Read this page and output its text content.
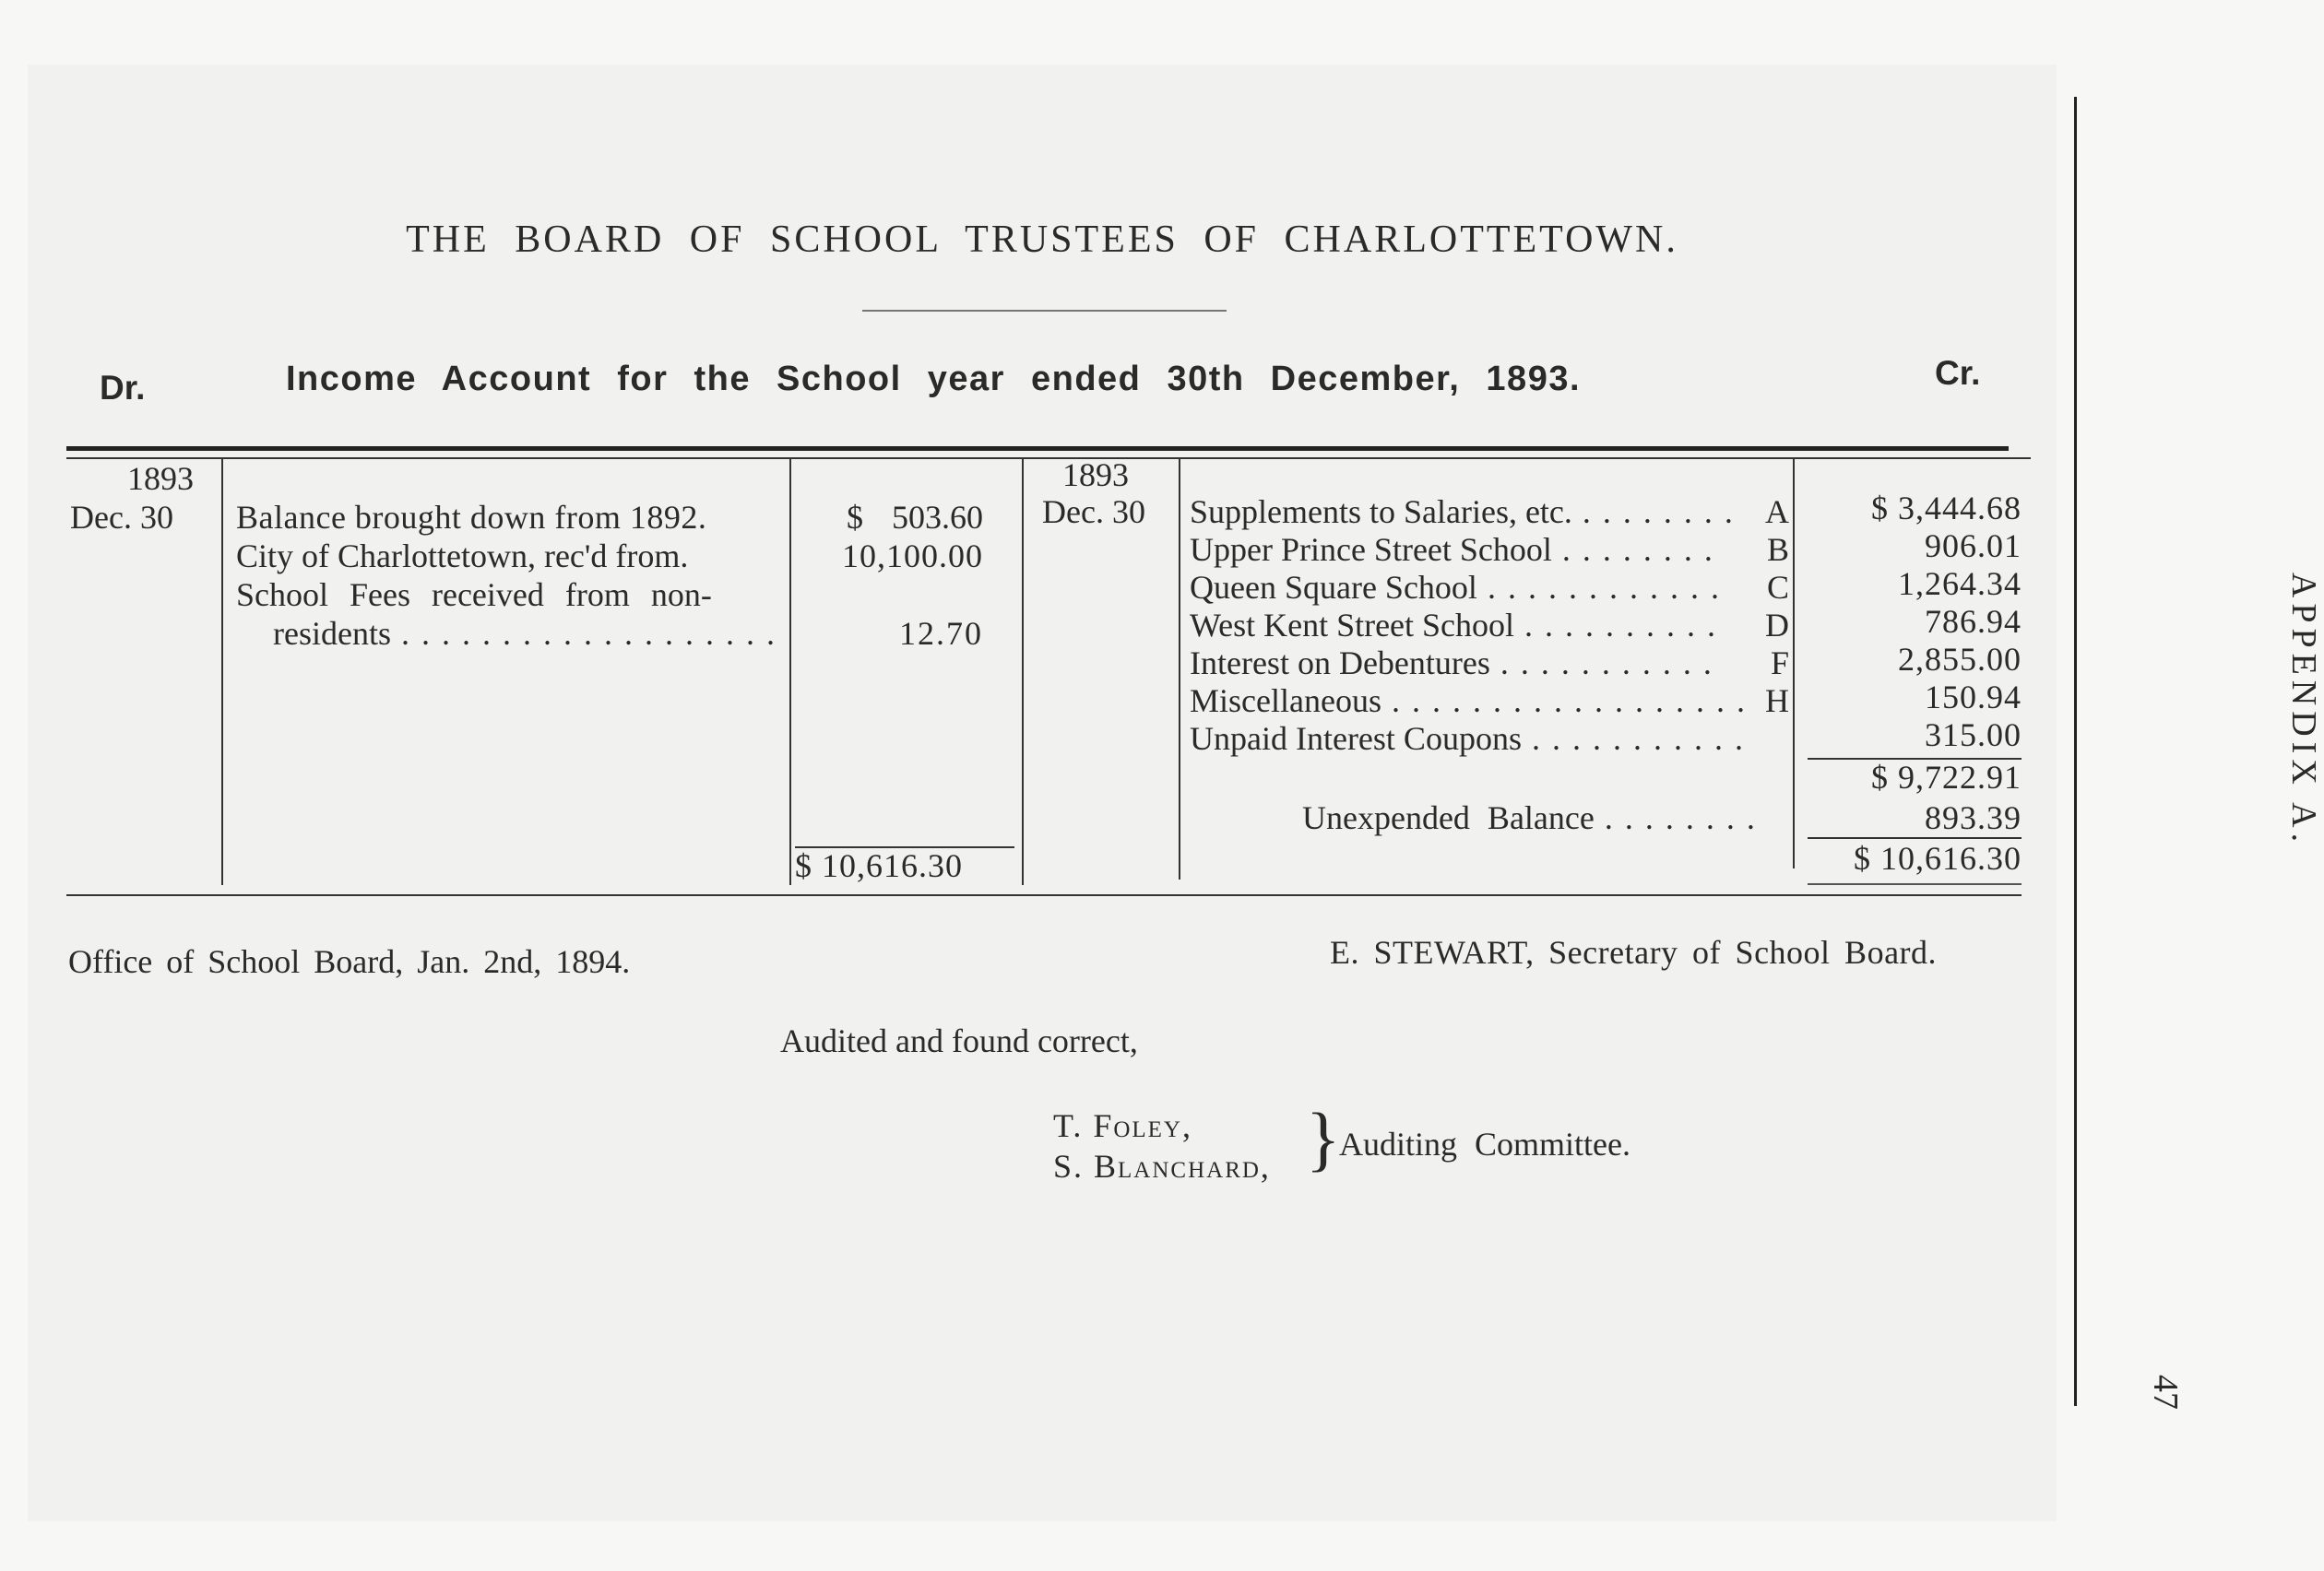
THE BOARD OF SCHOOL TRUSTEES OF CHARLOTTETOWN.
Dr.	Income Account for the School year ended 30th December, 1893.	Cr.
1893
Dec. 30 Balance brought down from 1892.	$ 503.60
City of Charlottetown, rec'd from.	10,100.00
School Fees received from non-
residents . . . . . . . . . . . . . . . . . . .	12.70
$ 10,616.30
1893
Dec. 30 Supplements to Salaries, etc. . . . . . . . . A	$ 3,444.68
Upper Prince Street School . . . . . . . . B	906.01
Queen Square School . . . . . . . . . . . . C	1,264.34
West Kent Street School . . . . . . . . . . D	786.94
Interest on Debentures . . . . . . . . . . . F	2,855.00
Miscellaneous . . . . . . . . . . . . . . . . . . H	150.94
Unpaid Interest Coupons . . . . . . . . . . .	315.00
$ 9,722.91
Unexpended Balance . . . . . . . .	893.39
$ 10,616.30
Office of School Board, Jan. 2nd, 1894.	E. STEWART, Secretary of School Board.
Audited and found correct,
T. Foley,
S. Blanchard, }
Auditing Committee.
APPENDIX A.
47
